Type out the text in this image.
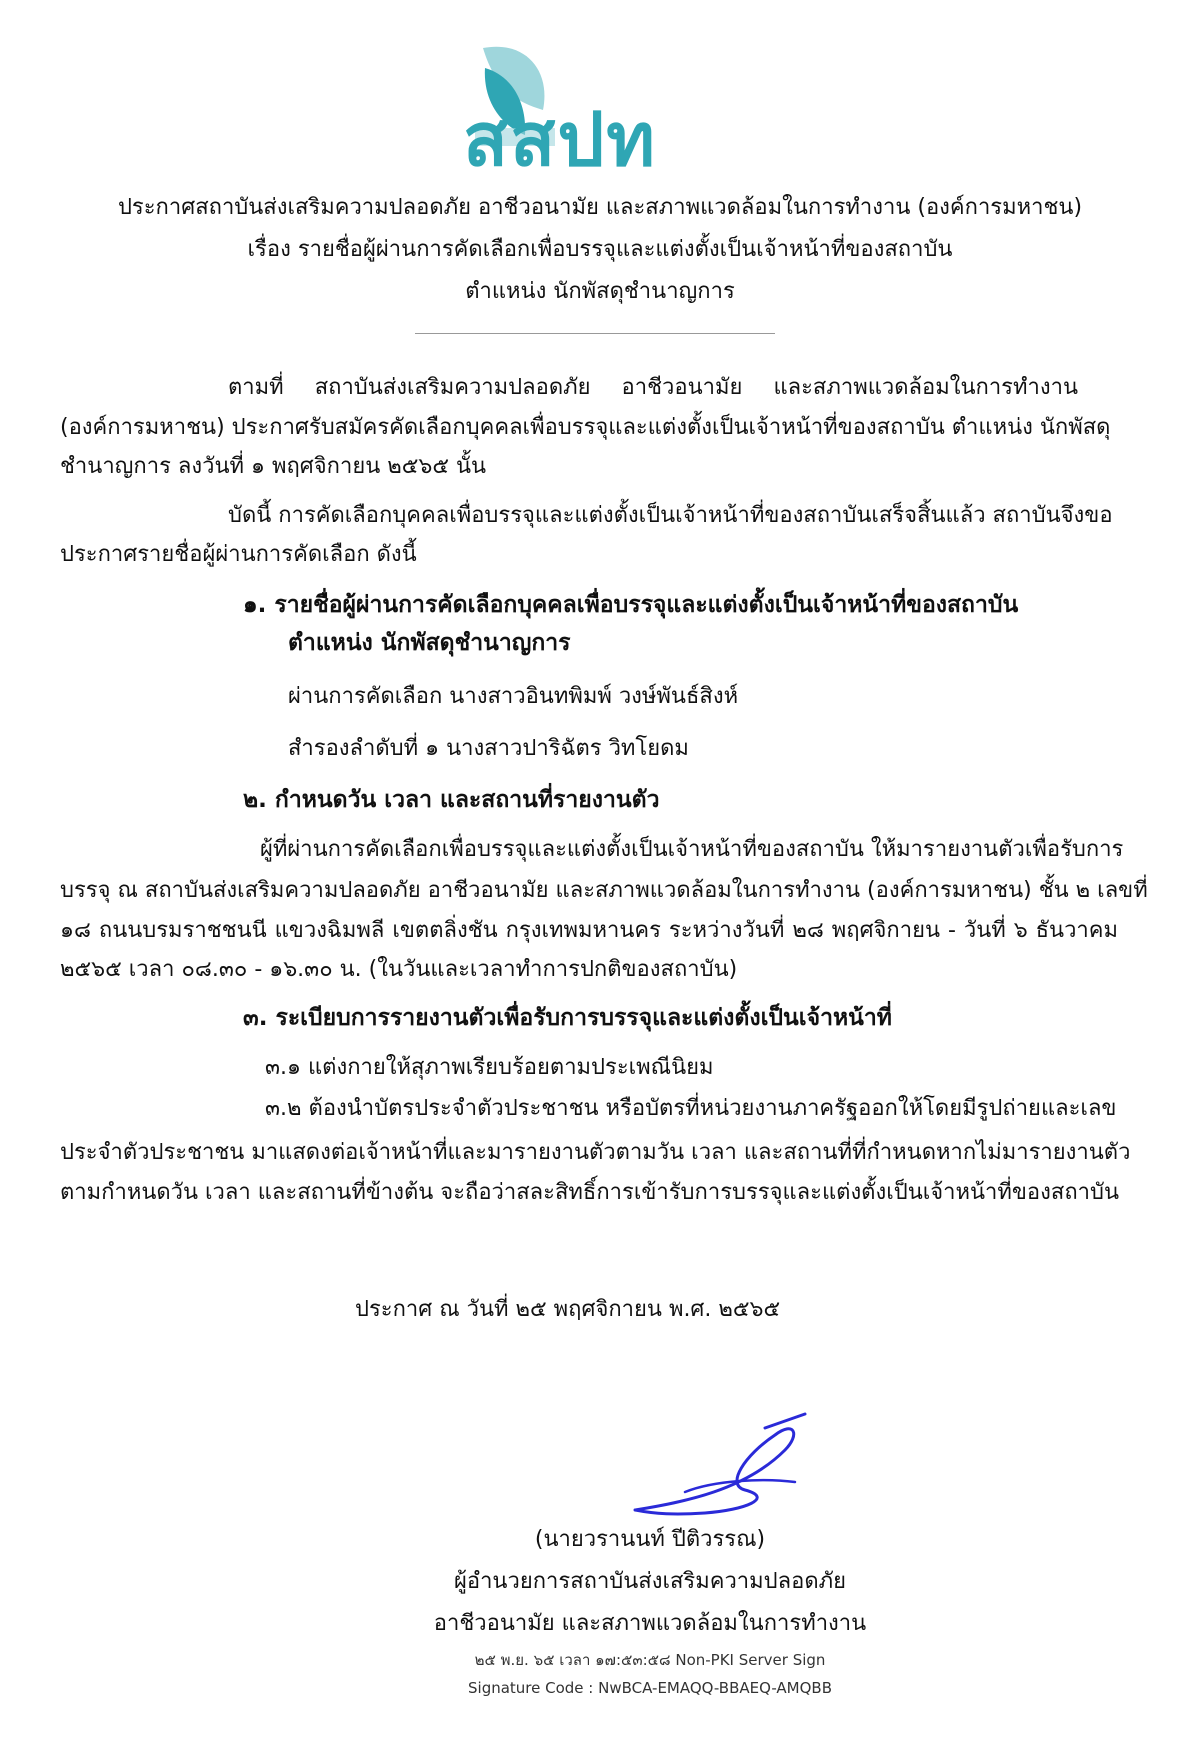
สสปท
ประกาศสถาบันส่งเสริมความปลอดภัย อาชีวอนามัย และสภาพแวดล้อมในการทำงาน (องค์การมหาชน)
เรื่อง รายชื่อผู้ผ่านการคัดเลือกเพื่อบรรจุและแต่งตั้งเป็นเจ้าหน้าที่ของสถาบัน
ตำแหน่ง นักพัสดุชำนาญการ
ตามที่ สถาบันส่งเสริมความปลอดภัย อาชีวอนามัย และสภาพแวดล้อมในการทำงาน
(องค์การมหาชน) ประกาศรับสมัครคัดเลือกบุคคลเพื่อบรรจุและแต่งตั้งเป็นเจ้าหน้าที่ของสถาบัน ตำแหน่ง นักพัสดุ
ชำนาญการ ลงวันที่ ๑ พฤศจิกายน ๒๕๖๕ นั้น
บัดนี้ การคัดเลือกบุคคลเพื่อบรรจุและแต่งตั้งเป็นเจ้าหน้าที่ของสถาบันเสร็จสิ้นแล้ว สถาบันจึงขอ
ประกาศรายชื่อผู้ผ่านการคัดเลือก ดังนี้
๑. รายชื่อผู้ผ่านการคัดเลือกบุคคลเพื่อบรรจุและแต่งตั้งเป็นเจ้าหน้าที่ของสถาบัน
ตำแหน่ง นักพัสดุชำนาญการ
ผ่านการคัดเลือก นางสาวอินทพิมพ์ วงษ์พันธ์สิงห์
สำรองลำดับที่ ๑ นางสาวปาริฉัตร วิทโยดม
๒. กำหนดวัน เวลา และสถานที่รายงานตัว
ผู้ที่ผ่านการคัดเลือกเพื่อบรรจุและแต่งตั้งเป็นเจ้าหน้าที่ของสถาบัน ให้มารายงานตัวเพื่อรับการ
บรรจุ ณ สถาบันส่งเสริมความปลอดภัย อาชีวอนามัย และสภาพแวดล้อมในการทำงาน (องค์การมหาชน) ชั้น ๒ เลขที่
๑๘ ถนนบรมราชชนนี แขวงฉิมพลี เขตตลิ่งชัน กรุงเทพมหานคร ระหว่างวันที่ ๒๘ พฤศจิกายน - วันที่ ๖ ธันวาคม
๒๕๖๕ เวลา ๐๘.๓๐ - ๑๖.๓๐ น. (ในวันและเวลาทำการปกติของสถาบัน)
๓. ระเบียบการรายงานตัวเพื่อรับการบรรจุและแต่งตั้งเป็นเจ้าหน้าที่
๓.๑ แต่งกายให้สุภาพเรียบร้อยตามประเพณีนิยม
๓.๒ ต้องนำบัตรประจำตัวประชาชน หรือบัตรที่หน่วยงานภาครัฐออกให้โดยมีรูปถ่ายและเลข
ประจำตัวประชาชน มาแสดงต่อเจ้าหน้าที่และมารายงานตัวตามวัน เวลา และสถานที่ที่กำหนดหากไม่มารายงานตัว
ตามกำหนดวัน เวลา และสถานที่ข้างต้น จะถือว่าสละสิทธิ์การเข้ารับการบรรจุและแต่งตั้งเป็นเจ้าหน้าที่ของสถาบัน
ประกาศ ณ วันที่ ๒๕ พฤศจิกายน พ.ศ. ๒๕๖๕
(นายวรานนท์ ปีติวรรณ)
ผู้อำนวยการสถาบันส่งเสริมความปลอดภัย
อาชีวอนามัย และสภาพแวดล้อมในการทำงาน
๒๕ พ.ย. ๖๕ เวลา ๑๗:๕๓:๕๘ Non-PKI Server Sign
Signature Code : NwBCA-EMAQQ-BBAEQ-AMQBB
